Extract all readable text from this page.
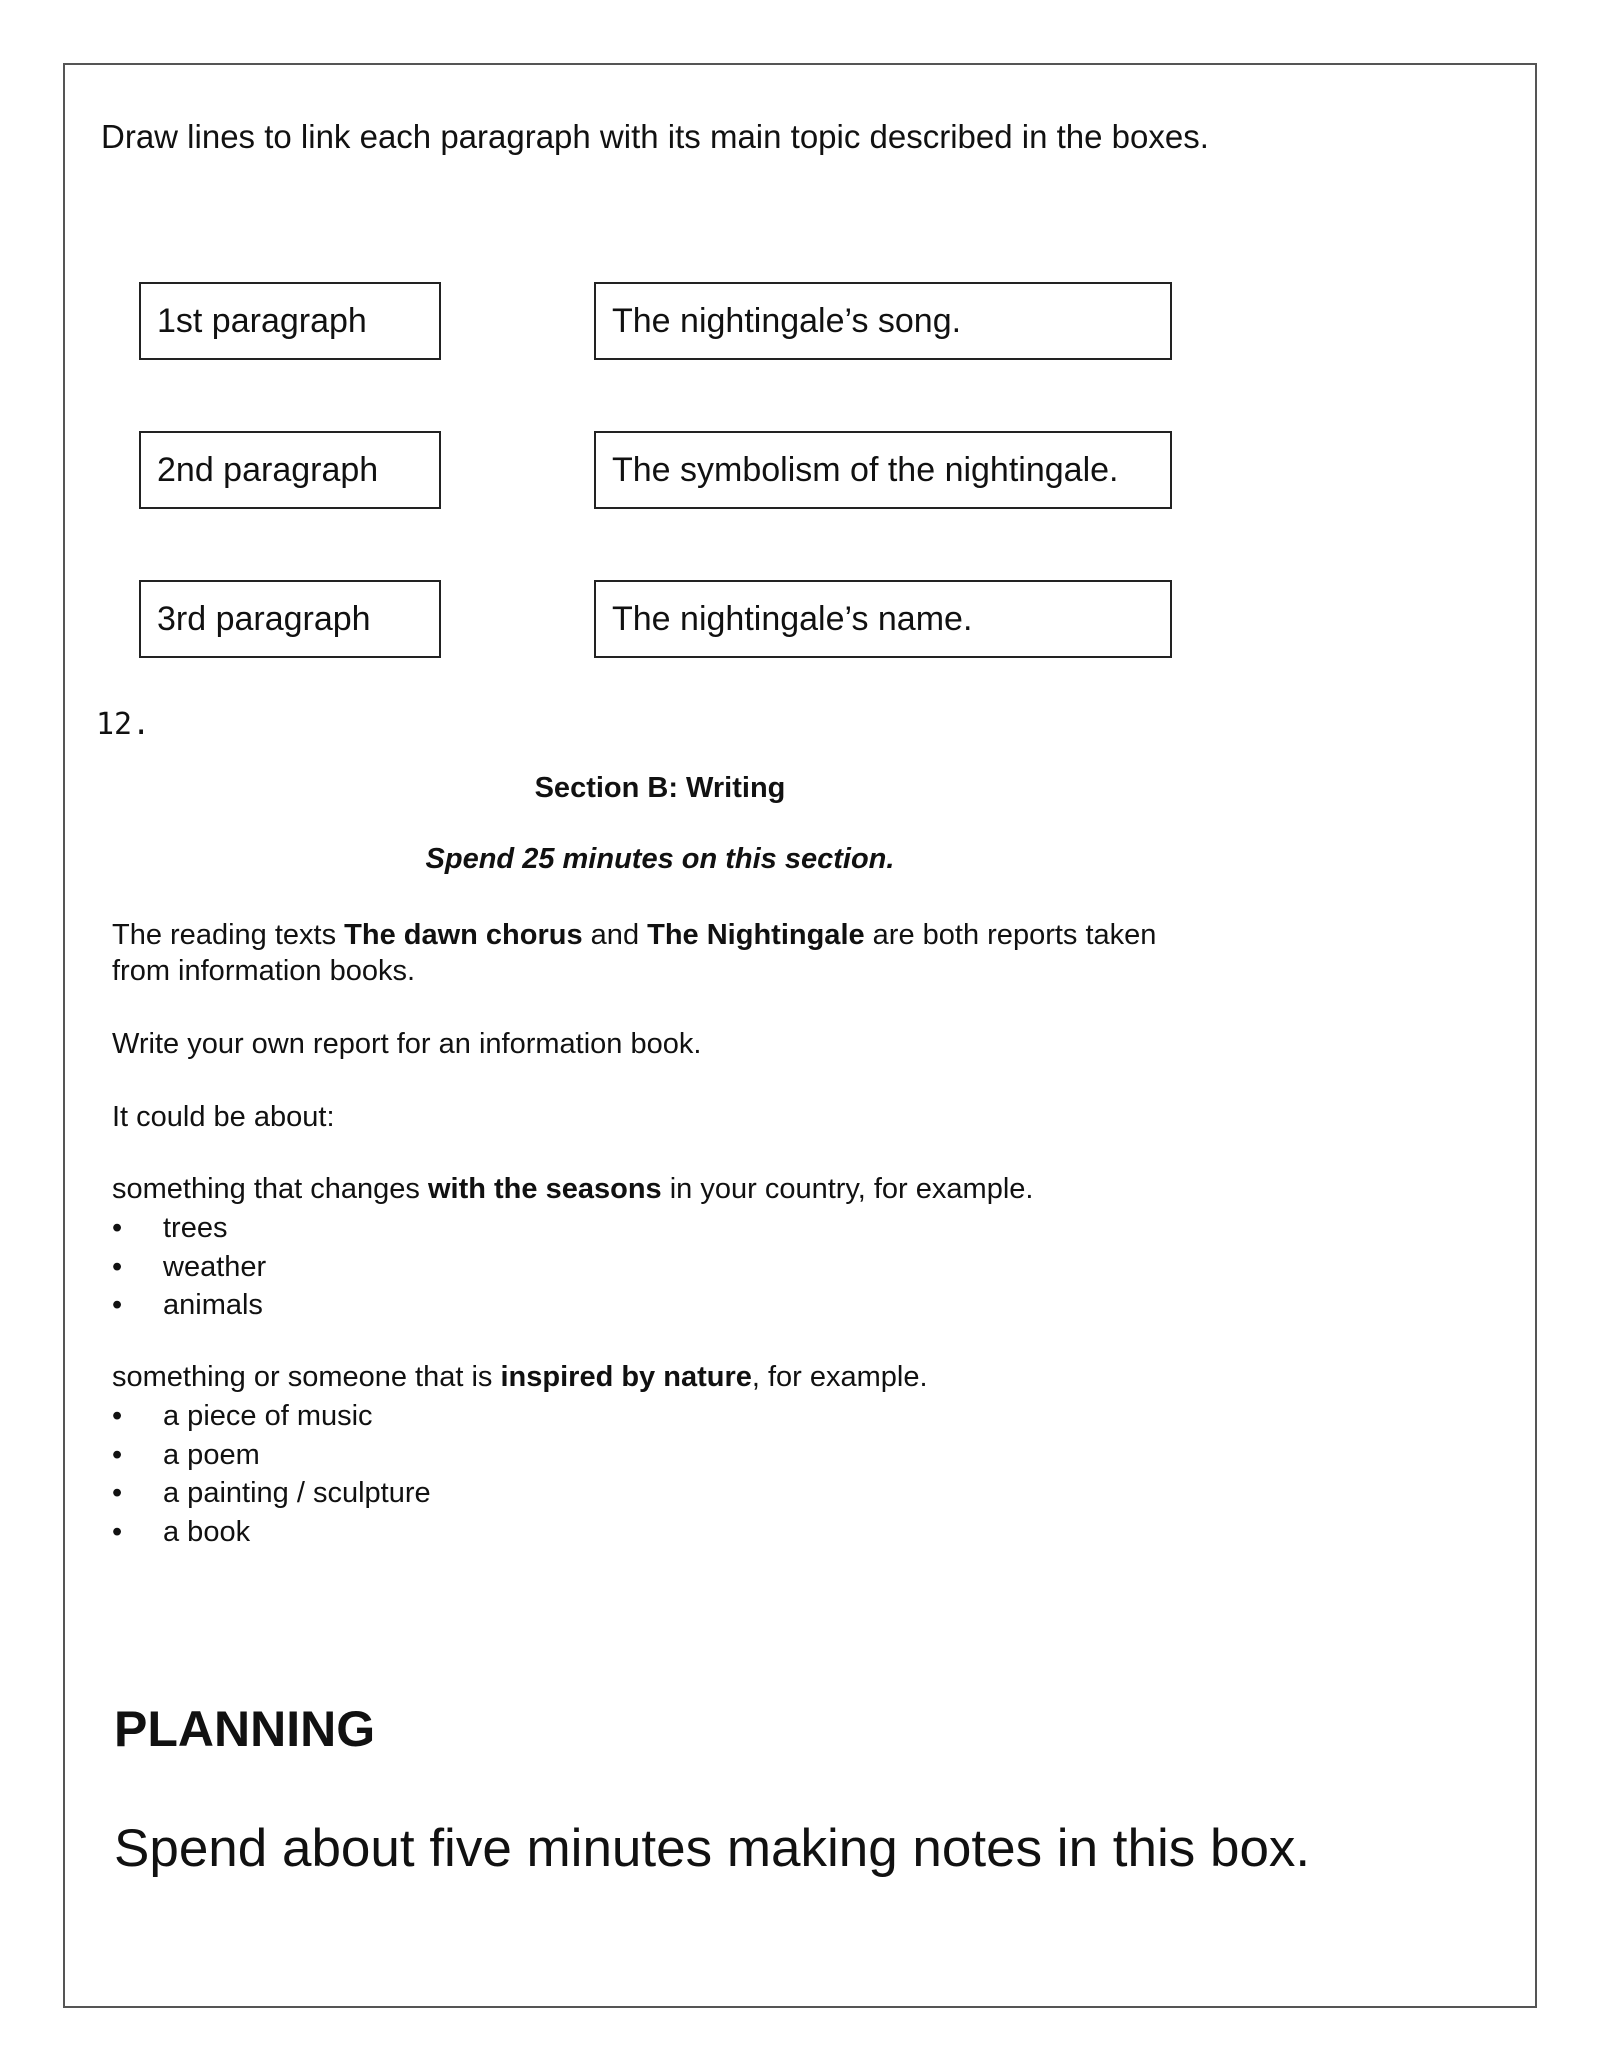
Draw lines to link each paragraph with its main topic described in the boxes.
1st paragraph
2nd paragraph
3rd paragraph
The nightingale’s song.
The symbolism of the nightingale.
The nightingale’s name.
12.
Section B: Writing
Spend 25 minutes on this section.
The reading texts The dawn chorus and The Nightingale are both reports taken
from information books.
Write your own report for an information book.
It could be about:
something that changes with the seasons in your country, for example.
• trees
• weather
• animals
something or someone that is inspired by nature, for example.
• a piece of music
• a poem
• a painting / sculpture
• a book
PLANNING
Spend about five minutes making notes in this box.
